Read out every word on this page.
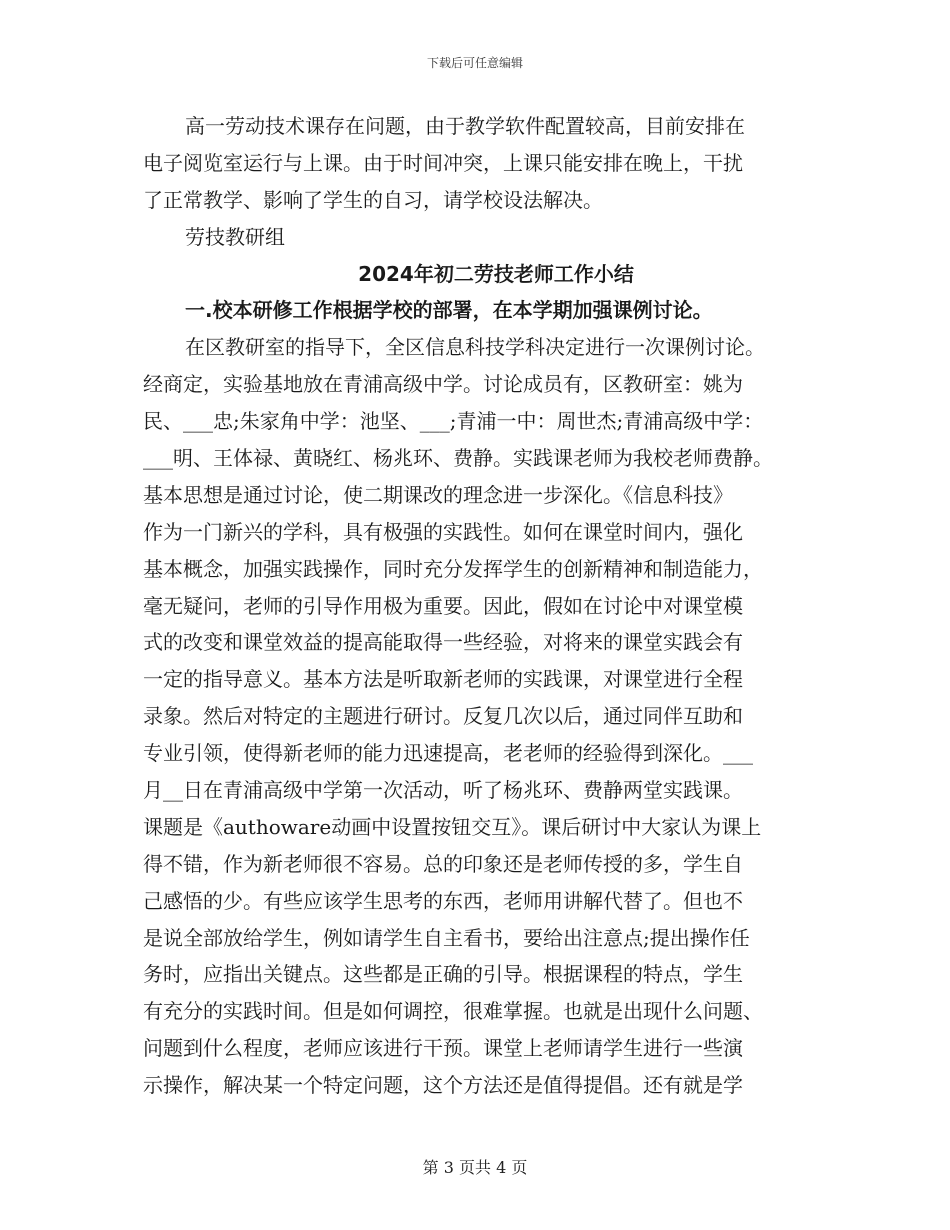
下载后可任意编辑
高一劳动技术课存在问题，由于教学软件配置较高，目前安排在
电子阅览室运行与上课。由于时间冲突，上课只能安排在晚上，干扰
了正常教学、影响了学生的自习，请学校设法解决。
劳技教研组
2024年初二劳技老师工作小结
一.校本研修工作根据学校的部署，在本学期加强课例讨论。
在区教研室的指导下，全区信息科技学科决定进行一次课例讨论。
经商定，实验基地放在青浦高级中学。讨论成员有，区教研室：姚为
民、___忠;朱家角中学：池坚、___;青浦一中：周世杰;青浦高级中学：
___明、王体禄、黄晓红、杨兆环、费静。实践课老师为我校老师费静。
基本思想是通过讨论，使二期课改的理念进一步深化。《信息科技》
作为一门新兴的学科，具有极强的实践性。如何在课堂时间内，强化
基本概念，加强实践操作，同时充分发挥学生的创新精神和制造能力，
毫无疑问，老师的引导作用极为重要。因此，假如在讨论中对课堂模
式的改变和课堂效益的提高能取得一些经验，对将来的课堂实践会有
一定的指导意义。基本方法是听取新老师的实践课，对课堂进行全程
录象。然后对特定的主题进行研讨。反复几次以后，通过同伴互助和
专业引领，使得新老师的能力迅速提高，老老师的经验得到深化。___
月__日在青浦高级中学第一次活动，听了杨兆环、费静两堂实践课。
课题是《authoware动画中设置按钮交互》。课后研讨中大家认为课上
得不错，作为新老师很不容易。总的印象还是老师传授的多，学生自
己感悟的少。有些应该学生思考的东西，老师用讲解代替了。但也不
是说全部放给学生，例如请学生自主看书，要给出注意点;提出操作任
务时，应指出关键点。这些都是正确的引导。根据课程的特点，学生
有充分的实践时间。但是如何调控，很难掌握。也就是出现什么问题、
问题到什么程度，老师应该进行干预。课堂上老师请学生进行一些演
示操作，解决某一个特定问题，这个方法还是值得提倡。还有就是学
第 3 页共 4 页
